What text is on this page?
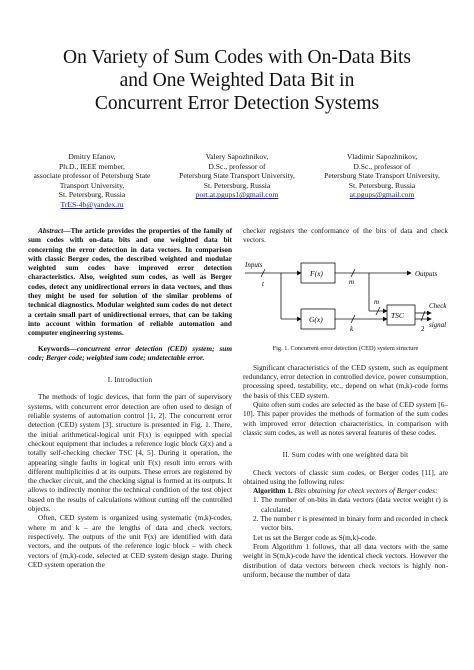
On Variety of Sum Codes with On-Data Bits
and One Weighted Data Bit in
Concurrent Error Detection Systems
Dmitry Efanov,
Ph.D., IEEE member,
associate professor of Petersburg State
Transport University,
St. Petersburg, Russia
TrES-4b@yandex.ru
Valery Sapozhnikov,
D.Sc., professor of
Petersburg State Transport University,
St. Petersburg, Russia
port.at.pgups1@gmail.com
Vladimir Sapozhnikov,
D.Sc., professor of
Petersburg State Transport University,
St. Petersburg, Russia
at.pgups@gmail.com

Abstract—The article provides the properties of the family of sum codes with on-data bits and one weighted data bit concerning the error detection in data vectors. In comparison with classic Berger codes, the described weighted and modular weighted sum codes have improved error detection characteristics. Also, weighted sum codes, as well as Berger codes, detect any unidirectional errors in data vectors, and thus they might be used for solution of the similar problems of technical diagnostics. Modular weighted sum codes do not detect a certain small part of unidirectional errors, that can be taking into account within formation of reliable automation and computer engineering systems.

Keywords—concurrent error detection (CED) system; sum code; Berger code; weighted sum code; undetectable error.

I. Introduction

The methods of logic devices, that form the part of supervisory systems, with concurrent error detection are often used to design of reliable systems of automation control [1, 2]. The concurrent error detection (CED) system [3]. structure is presented in Fig. 1. There, the initial arithmetical-logical unit F(x) is equipped with special checkout equipment that includes a reference logic block G(x) and a totally self-checking checker TSC [4, 5]. During it operation, the appearing single faults in logical unit F(x) result into errors with different multiplicities d at its outputs. These errors are registered by the checker circuit, and the checking signal is formed at its outputs. It allows to indirectly monitor the technical condition of the test object based on the results of calculations without cutting off the controlled objects.

Often, CED system is organized using systematic (m,k)-codes, where m and k – are the lengths of data and check vectors, respectively. The outputs of the unit F(x) are identified with data vectors, and the outputs of the reference logic block – with check vectors of (m,k)-code, selected at CED system design stage. During CED system operation the

checker registers the conformance of the bits of data and check vectors.

Inputs
t
F(x)
G(x)	TSC
m
m
k	2
Outputs
Check
signal
Fig. 1. Concurrent error detection (CED) system structure

Significant characteristics of the CED system, such as equipment redundancy, error detection in controlled device, power consumption, processing speed, testability, etc., depend on what (m,k)-code forms the basis of this CED system.

Quite often sum codes are selected as the base of CED system [6–10]. This paper provides the methods of formation of the sum codes with improved error detection characteristics, in comparison with classic sum codes, as well as notes several features of these codes.

II. Sum codes with one weighted data bit

Check vectors of classic sum codes, or Berger codes [11], are obtained using the following rules:

Algorithm 1. Bits obtaining for check vectors of Berger codes:

1. The number of on-bits in data vectors (data vector weight r) is calculated.

2. The number r is presented in binary form and recorded in check vector bits.

Let us set the Berger code as S(m,k)-code.

From Algorithm 1 follows, that all data vectors with the same weight in S(m,k)-code have the identical check vectors. However the distribution of data vectors between check vectors is highly non-uniform, because the number of data
